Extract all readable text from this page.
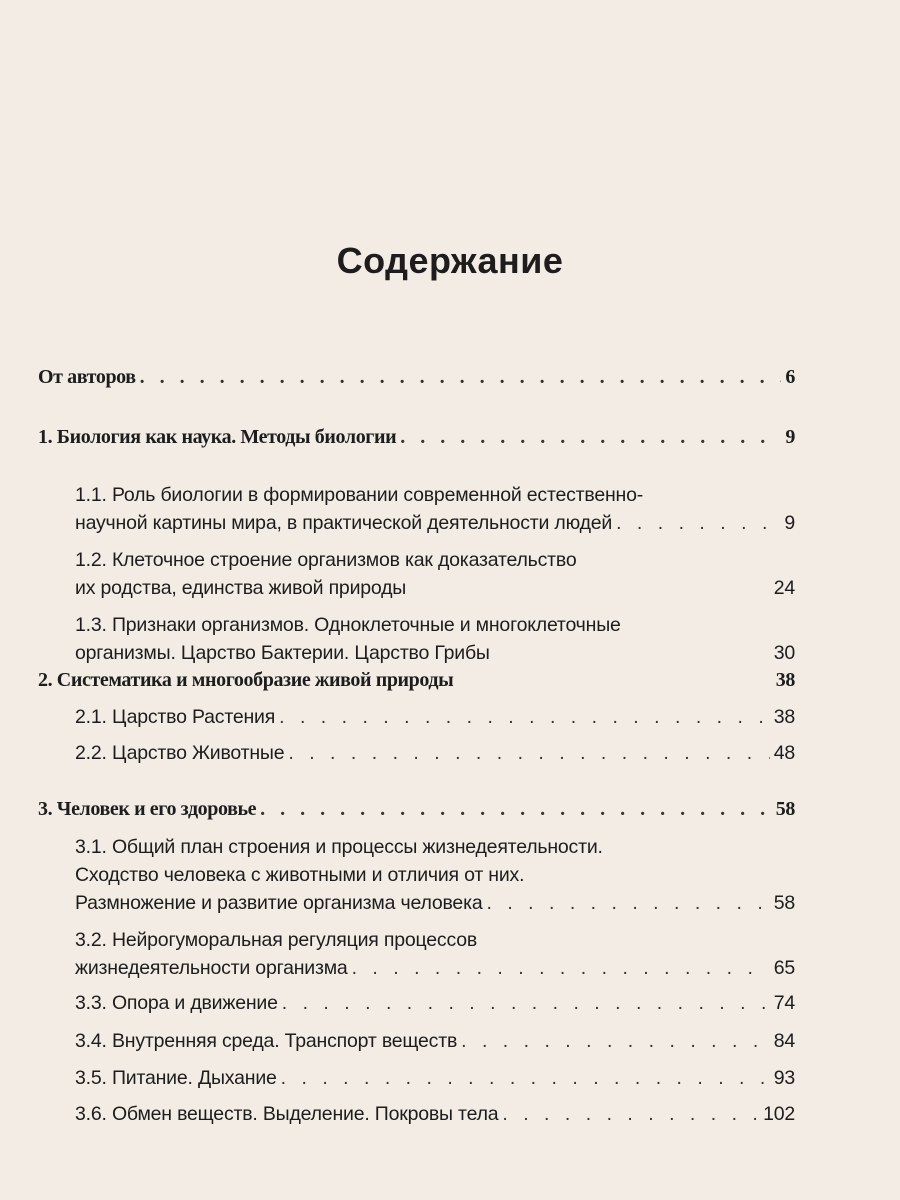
Содержание
От авторов . . .	6
1. Биология как наука. Методы биологии . . .	9
1.1. Роль биологии в формировании современной естественно-
научной картины мира, в практической деятельности людей . . .	9
1.2. Клеточное строение организмов как доказательство
их родства, единства живой природы	24
1.3. Признаки организмов. Одноклеточные и многоклеточные
организмы. Царство Бактерии. Царство Грибы	30
2. Систематика и многообразие живой природы	38
2.1. Царство Растения . . .	38
2.2. Царство Животные . . .	48
3. Человек и его здоровье . . .	58
3.1. Общий план строения и процессы жизнедеятельности.
Сходство человека с животными и отличия от них.
Размножение и развитие организма человека . . .	58
3.2. Нейрогуморальная регуляция процессов
жизнедеятельности организма . . .	65
3.3. Опора и движение . . .	74
3.4. Внутренняя среда. Транспорт веществ . . .	84
3.5. Питание. Дыхание . . .	93
3.6. Обмен веществ. Выделение. Покровы тела . . .	102
